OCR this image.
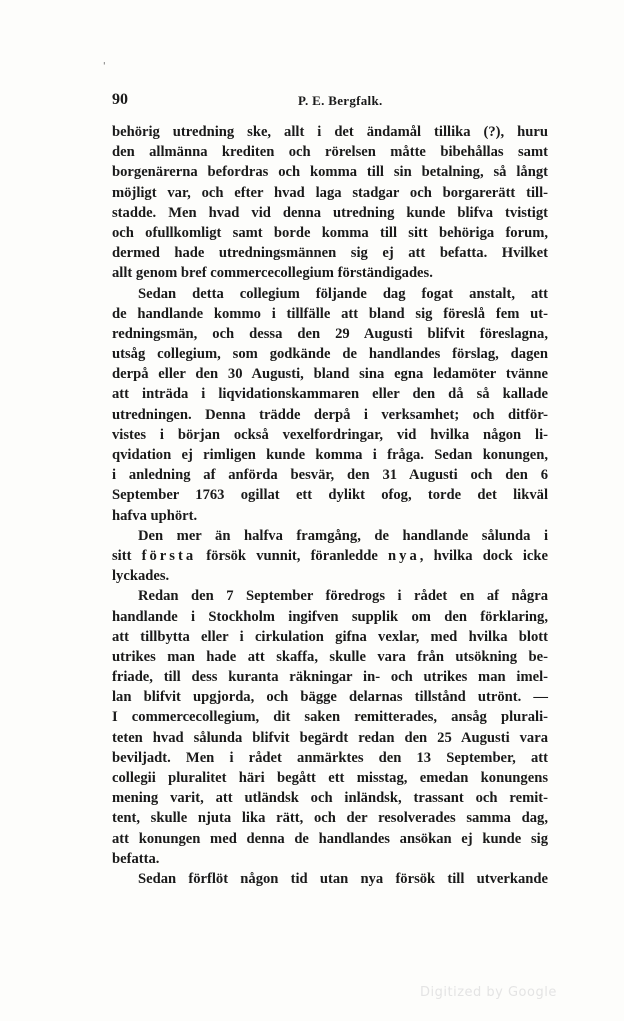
'
90	P. E. Bergfalk.
behörig utredning ske, allt i det ändamål tillika (?), huru
den allmänna krediten och rörelsen måtte bibehållas samt
borgenärerna befordras och komma till sin betalning, så långt
möjligt var, och efter hvad laga stadgar och borgarerätt till-
stadde. Men hvad vid denna utredning kunde blifva tvistigt
och ofullkomligt samt borde komma till sitt behöriga forum,
dermed hade utredningsmännen sig ej att befatta. Hvilket
allt genom bref commercecollegium förständigades.
Sedan detta collegium följande dag fogat anstalt, att
de handlande kommo i tillfälle att bland sig föreslå fem ut-
redningsmän, och dessa den 29 Augusti blifvit föreslagna,
utsåg collegium, som godkände de handlandes förslag, dagen
derpå eller den 30 Augusti, bland sina egna ledamöter tvänne
att inträda i liqvidationskammaren eller den då så kallade
utredningen. Denna trädde derpå i verksamhet; och ditför-
vistes i början också vexelfordringar, vid hvilka någon li-
qvidation ej rimligen kunde komma i fråga. Sedan konungen,
i anledning af anförda besvär, den 31 Augusti och den 6
September 1763 ogillat ett dylikt ofog, torde det likväl
hafva uphört.
Den mer än halfva framgång, de handlande sålunda i
sitt första försök vunnit, föranledde nya, hvilka dock icke
lyckades.
Redan den 7 September föredrogs i rådet en af några
handlande i Stockholm ingifven supplik om den förklaring,
att tillbytta eller i cirkulation gifna vexlar, med hvilka blott
utrikes man hade att skaffa, skulle vara från utsökning be-
friade, till dess kuranta räkningar in- och utrikes man imel-
lan blifvit upgjorda, och bägge delarnas tillstånd utrönt. —
I commercecollegium, dit saken remitterades, ansåg plurali-
teten hvad sålunda blifvit begärdt redan den 25 Augusti vara
beviljadt. Men i rådet anmärktes den 13 September, att
collegii pluralitet häri begått ett misstag, emedan konungens
mening varit, att utländsk och inländsk, trassant och remit-
tent, skulle njuta lika rätt, och der resolverades samma dag,
att konungen med denna de handlandes ansökan ej kunde sig
befatta.
Sedan förflöt någon tid utan nya försök till utverkande
Digitized by Google
